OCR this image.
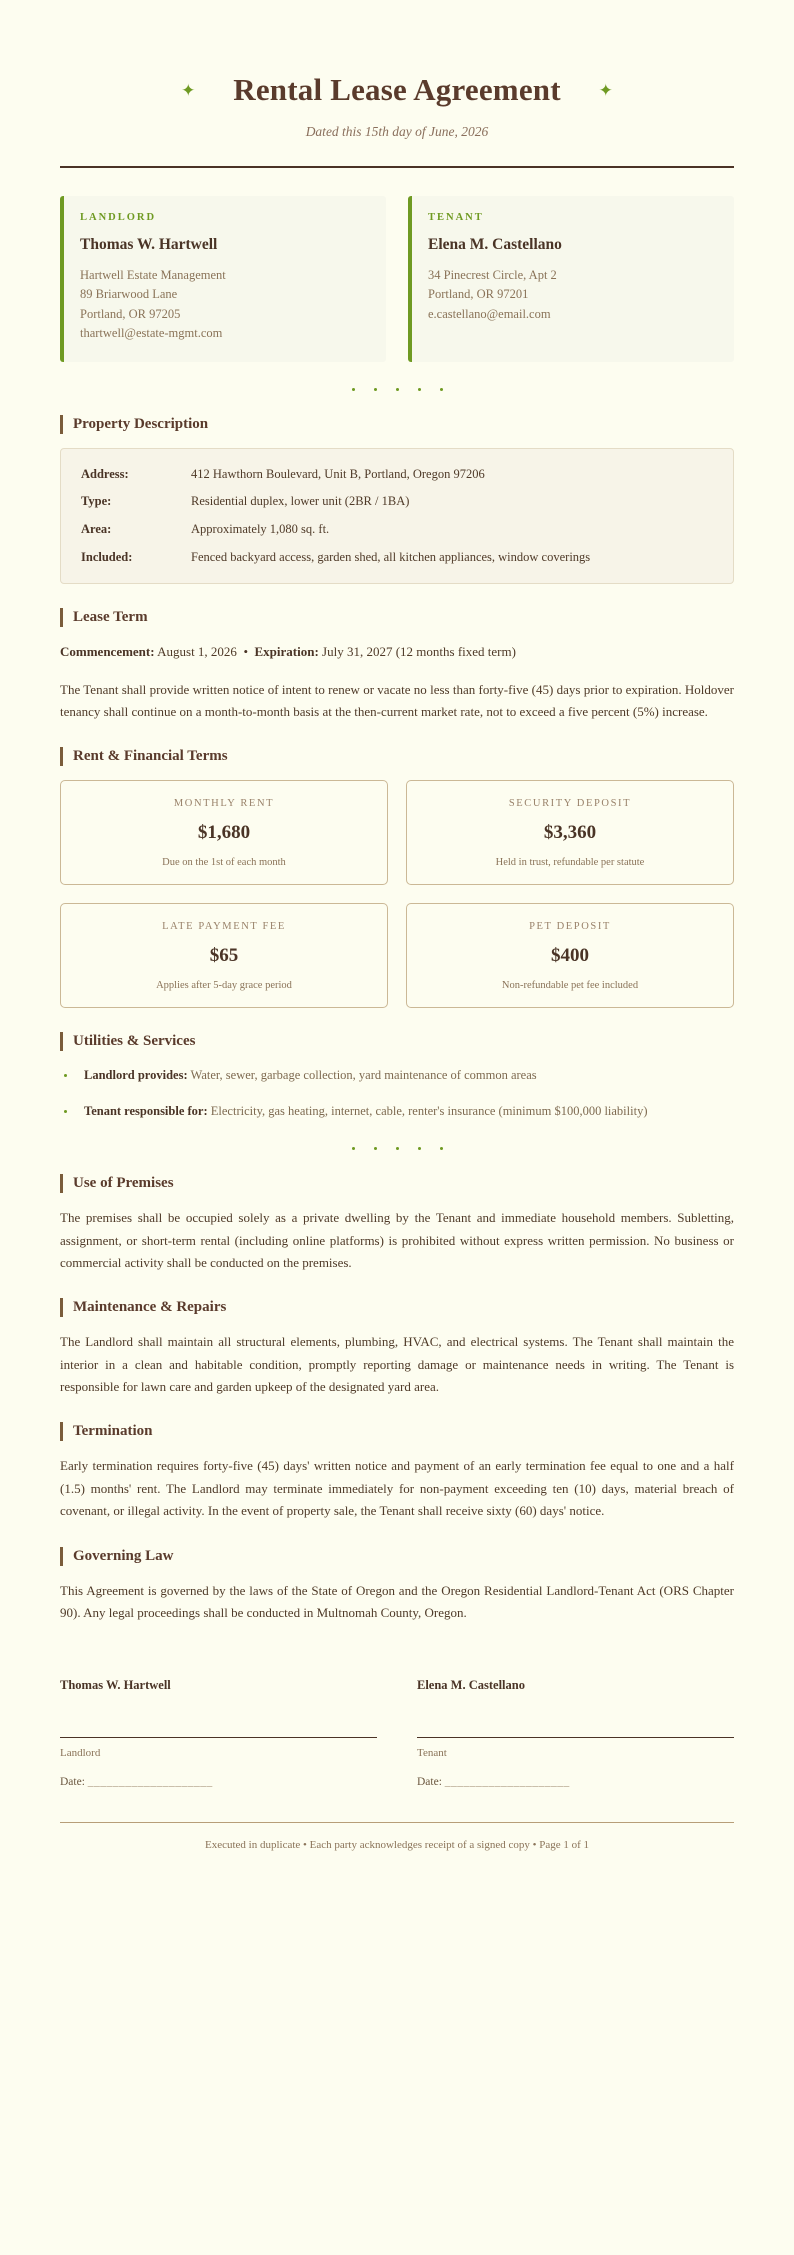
✦	Rental Lease Agreement	✦
Dated this 15th day of June, 2026
LANDLORD
Thomas W. Hartwell
Hartwell Estate Management
89 Briarwood Lane
Portland, OR 97205
thartwell@estate-mgmt.com
TENANT
Elena M. Castellano
34 Pinecrest Circle, Apt 2
Portland, OR 97201
e.castellano@email.com
Property Description
Address:	412 Hawthorn Boulevard, Unit B, Portland, Oregon 97206
Type:	Residential duplex, lower unit (2BR / 1BA)
Area:	Approximately 1,080 sq. ft.
Included:	Fenced backyard access, garden shed, all kitchen appliances, window coverings
Lease Term

Commencement: August 1, 2026 • Expiration: July 31, 2027 (12 months fixed term)

The Tenant shall provide written notice of intent to renew or vacate no less than forty-five (45) days prior to expiration. Holdover tenancy shall continue on a month-to-month basis at the then-current market rate, not to exceed a five percent (5%) increase.

Rent & Financial Terms
MONTHLY RENT
$1,680
Due on the 1st of each month
SECURITY DEPOSIT
$3,360
Held in trust, refundable per statute
LATE PAYMENT FEE
$65
Applies after 5-day grace period
PET DEPOSIT
$400
Non-refundable pet fee included
Utilities & Services
Landlord provides: Water, sewer, garbage collection, yard maintenance of common areas
Tenant responsible for: Electricity, gas heating, internet, cable, renter's insurance (minimum $100,000 liability)
Use of Premises

The premises shall be occupied solely as a private dwelling by the Tenant and immediate household members. Subletting, assignment, or short-term rental (including online platforms) is prohibited without express written permission. No business or commercial activity shall be conducted on the premises.

Maintenance & Repairs

The Landlord shall maintain all structural elements, plumbing, HVAC, and electrical systems. The Tenant shall maintain the interior in a clean and habitable condition, promptly reporting damage or maintenance needs in writing. The Tenant is responsible for lawn care and garden upkeep of the designated yard area.

Termination

Early termination requires forty-five (45) days' written notice and payment of an early termination fee equal to one and a half (1.5) months' rent. The Landlord may terminate immediately for non-payment exceeding ten (10) days, material breach of covenant, or illegal activity. In the event of property sale, the Tenant shall receive sixty (60) days' notice.

Governing Law

This Agreement is governed by the laws of the State of Oregon and the Oregon Residential Landlord-Tenant Act (ORS Chapter 90). Any legal proceedings shall be conducted in Multnomah County, Oregon.

Thomas W. Hartwell
Landlord
Date: ____________________
Elena M. Castellano
Tenant
Date: ____________________
Executed in duplicate • Each party acknowledges receipt of a signed copy • Page 1 of 1
